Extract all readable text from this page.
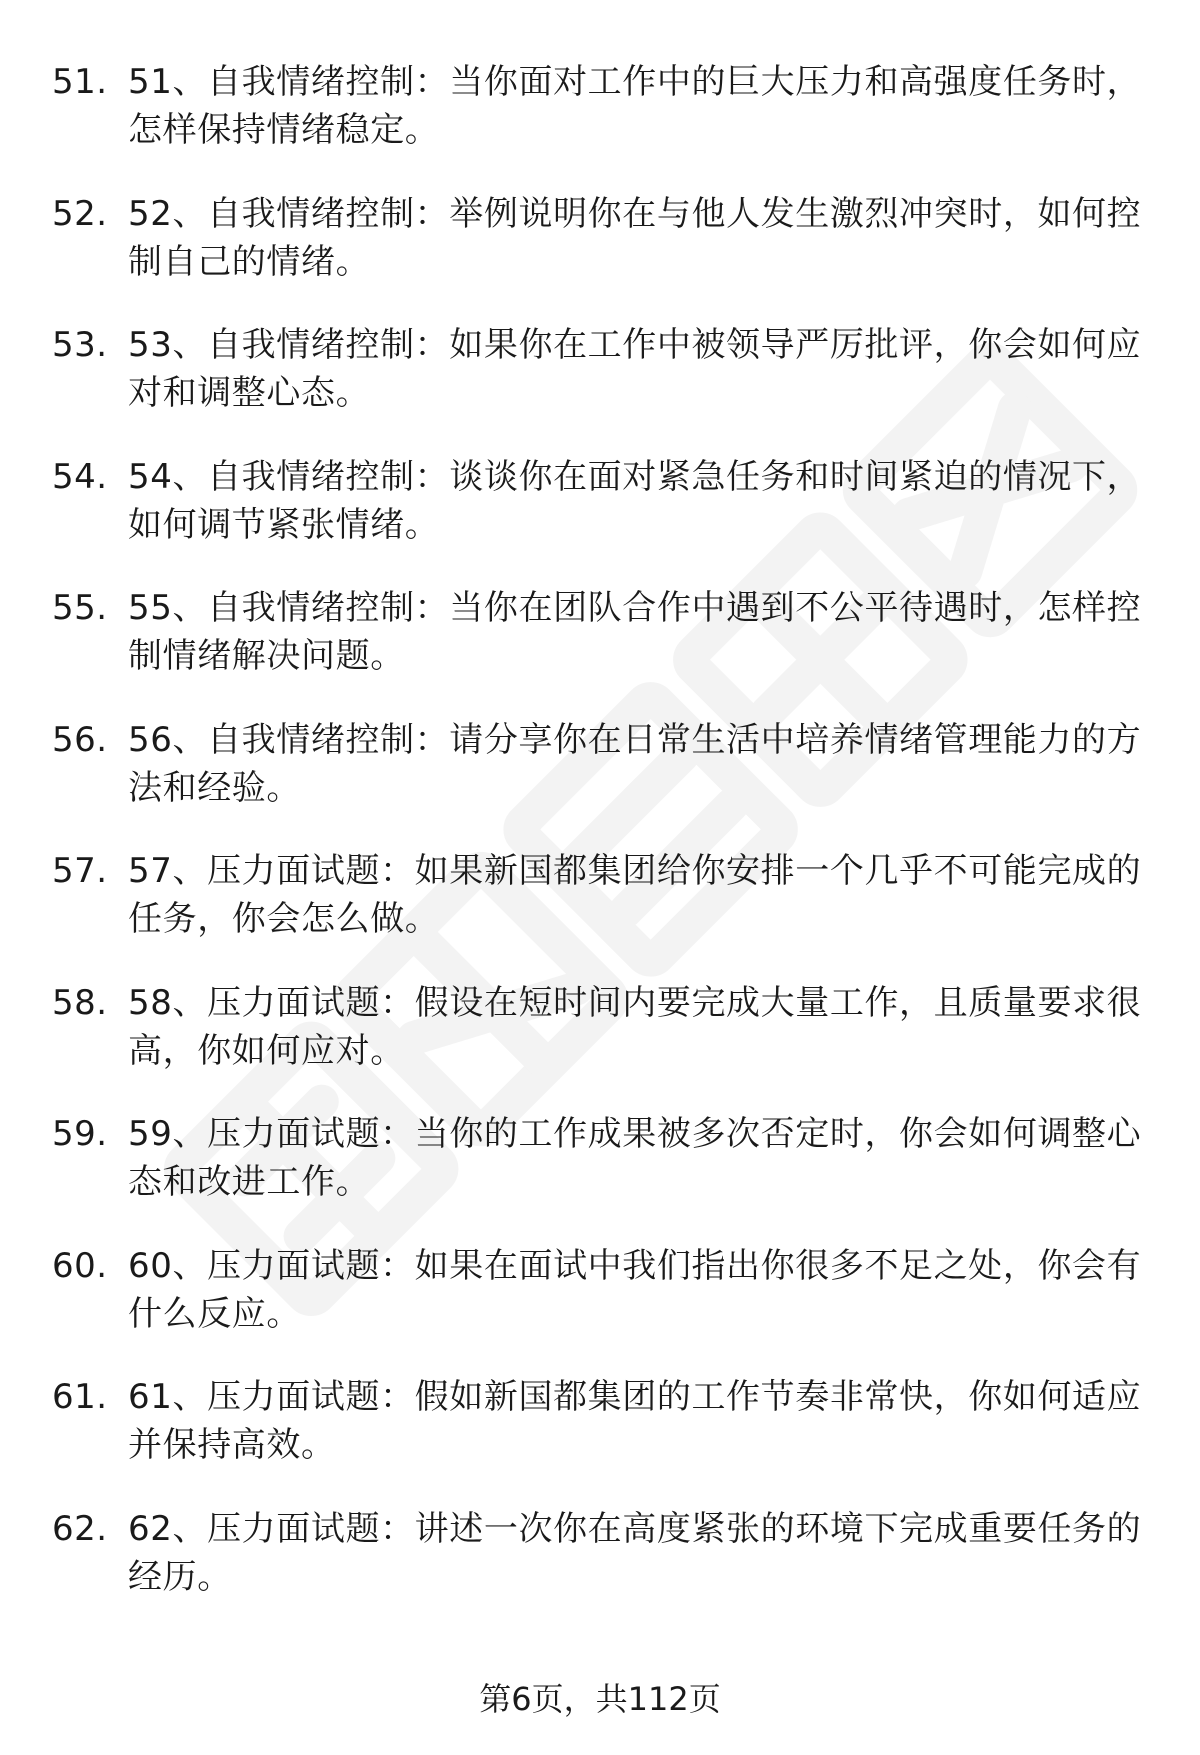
51. 51、自我情绪控制：当你面对工作中的巨大压力和高强度任务时，怎样保持情绪稳定。
52. 52、自我情绪控制：举例说明你在与他人发生激烈冲突时，如何控制自己的情绪。
53. 53、自我情绪控制：如果你在工作中被领导严厉批评，你会如何应对和调整心态。
54. 54、自我情绪控制：谈谈你在面对紧急任务和时间紧迫的情况下，如何调节紧张情绪。
55. 55、自我情绪控制：当你在团队合作中遇到不公平待遇时，怎样控制情绪解决问题。
56. 56、自我情绪控制：请分享你在日常生活中培养情绪管理能力的方法和经验。
57. 57、压力面试题：如果新国都集团给你安排一个几乎不可能完成的任务，你会怎么做。
58. 58、压力面试题：假设在短时间内要完成大量工作，且质量要求很高，你如何应对。
59. 59、压力面试题：当你的工作成果被多次否定时，你会如何调整心态和改进工作。
60. 60、压力面试题：如果在面试中我们指出你很多不足之处，你会有什么反应。
61. 61、压力面试题：假如新国都集团的工作节奏非常快，你如何适应并保持高效。
62. 62、压力面试题：讲述一次你在高度紧张的环境下完成重要任务的经历。
第6页，共112页
